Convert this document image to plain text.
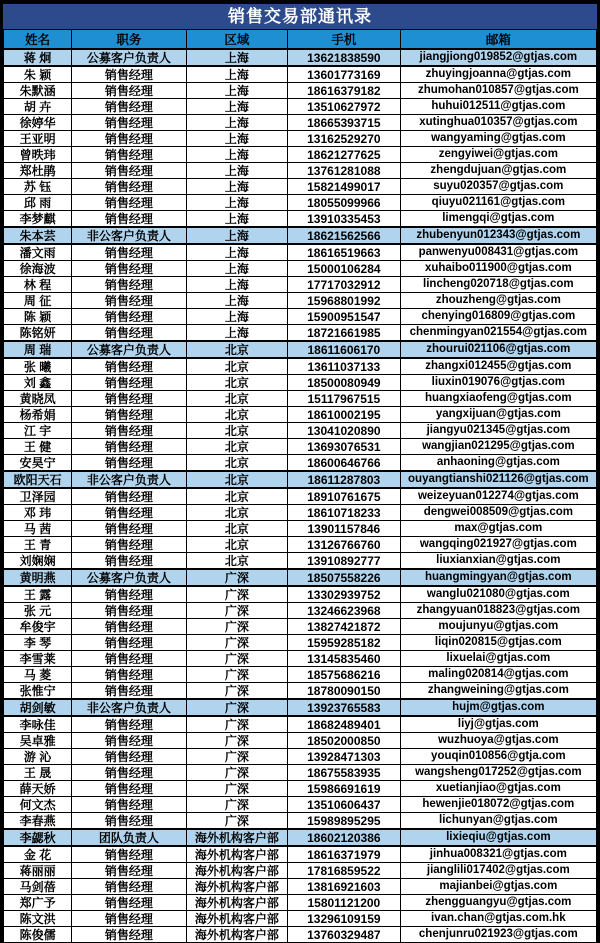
销售交易部通讯录
姓名	职务	区域	手机	邮箱
蒋 炯	公募客户负责人	上海	13621838590	jiangjiong019852@gtjas.com
朱 颖	销售经理	上海	13601773169	zhuyingjoanna@gtjas.com
朱默涵	销售经理	上海	18616379182	zhumohan010857@gtjas.com
胡 卉	销售经理	上海	13510627972	huhui012511@gtjas.com
徐婷华	销售经理	上海	18665393715	xutinghua010357@gtjas.com
王亚明	销售经理	上海	13162529270	wangyaming@gtjas.com
曾昳玮	销售经理	上海	18621277625	zengyiwei@gtjas.com
郑杜鹃	销售经理	上海	13761281088	zhengdujuan@gtjas.com
苏 钰	销售经理	上海	15821499017	suyu020357@gtjas.com
邱 雨	销售经理	上海	18055099966	qiuyu021161@gtjas.com
李梦麒	销售经理	上海	13910335453	limengqi@gtjas.com
朱本芸	非公客户负责人	上海	18621562566	zhubenyun012343@gtjas.com
潘文雨	销售经理	上海	18616519663	panwenyu008431@gtjas.com
徐海波	销售经理	上海	15000106284	xuhaibo011900@gtjas.com
林 程	销售经理	上海	17717032912	lincheng020718@gtjas.com
周 征	销售经理	上海	15968801992	zhouzheng@gtjas.com
陈 颖	销售经理	上海	15900951547	chenying016809@gtjas.com
陈铭妍	销售经理	上海	18721661985	chenmingyan021554@gtjas.com
周 瑞	公募客户负责人	北京	18611606170	zhourui021106@gtjas.com
张 曦	销售经理	北京	13611037133	zhangxi012455@gtjas.com
刘 鑫	销售经理	北京	18500080949	liuxin019076@gtjas.com
黄晓凤	销售经理	北京	15117967515	huangxiaofeng@gtjas.com
杨希娟	销售经理	北京	18610002195	yangxijuan@gtjas.com
江 宇	销售经理	北京	13041020890	jiangyu021345@gtjas.com
王 健	销售经理	北京	13693076531	wangjian021295@gtjas.com
安昊宁	销售经理	北京	18600646766	anhaoning@gtjas.com
欧阳天石	非公客户负责人	北京	18611287803	ouyangtianshi021126@gtjas.com
卫泽园	销售经理	北京	18910761675	weizeyuan012274@gtjas.com
邓 玮	销售经理	北京	18610718233	dengwei008509@gtjas.com
马 茜	销售经理	北京	13901157846	max@gtjas.com
王 青	销售经理	北京	13126766760	wangqing021927@gtjas.com
刘娴娴	销售经理	北京	13910892777	liuxianxian@gtjas.com
黄明燕	公募客户负责人	广深	18507558226	huangmingyan@gtjas.com
王 露	销售经理	广深	13302939752	wanglu021080@gtjas.com
张 元	销售经理	广深	13246623968	zhangyuan018823@gtjas.com
牟俊宇	销售经理	广深	13827421872	moujunyu@gtjas.com
李 琴	销售经理	广深	15959285182	liqin020815@gtjas.com
李雪莱	销售经理	广深	13145835460	lixuelai@gtjas.com
马 菱	销售经理	广深	18575686216	maling020814@gtjas.com
张惟宁	销售经理	广深	18780090150	zhangweining@gtjas.com
胡剑敏	非公客户负责人	广深	13923765583	hujm@gtjas.com
李咏佳	销售经理	广深	18682489401	liyj@gtjas.com
吴卓雅	销售经理	广深	18502000850	wuzhuoya@gtjas.com
游 沁	销售经理	广深	13928471303	youqin010856@gtja.com
王 晟	销售经理	广深	18675583935	wangsheng017252@gtjas.com
薛天娇	销售经理	广深	15986691619	xuetianjiao@gtjas.com
何文杰	销售经理	广深	13510606437	hewenjie018072@gtjas.com
李春燕	销售经理	广深	15989895295	lichunyan@gtjas.com
李勰秋	团队负责人	海外机构客户部	18602120386	lixieqiu@gtjas.com
金 花	销售经理	海外机构客户部	18616371979	jinhua008321@gtjas.com
蒋丽丽	销售经理	海外机构客户部	17816859522	jianglili017402@gtjas.com
马剑蓓	销售经理	海外机构客户部	13816921603	majianbei@gtjas.com
郑广予	销售经理	海外机构客户部	15801121200	zhengguangyu@gtjas.com
陈文洪	销售经理	海外机构客户部	13296109159	ivan.chan@gtjas.com.hk
陈俊儒	销售经理	海外机构客户部	13760329487	chenjunru021923@gtjas.com
